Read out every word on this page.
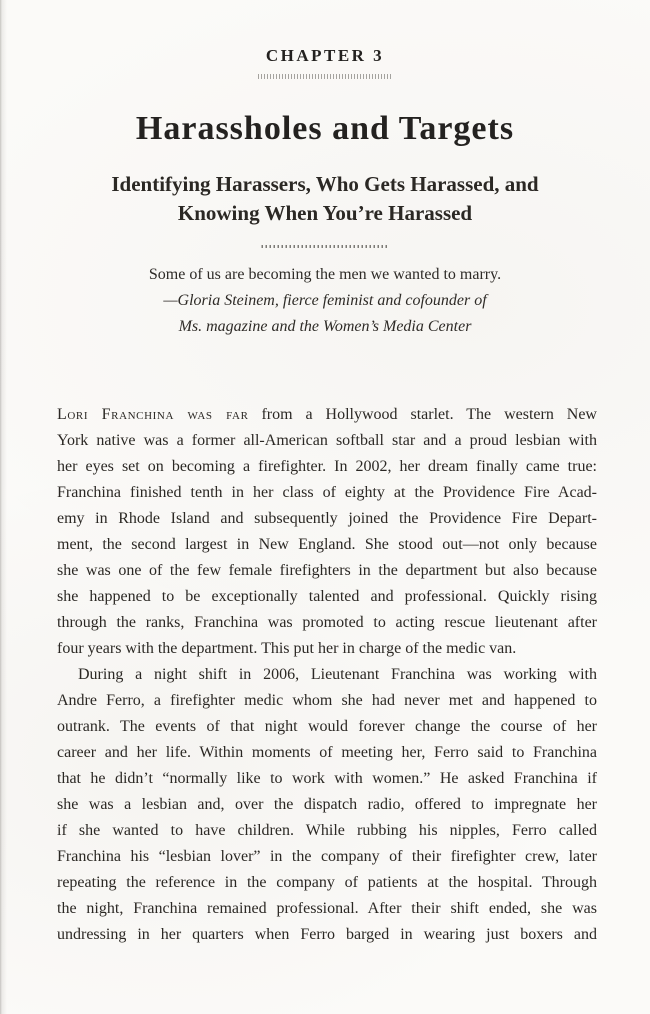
CHAPTER 3
Harassholes and Targets
Identifying Harassers, Who Gets Harassed, and
Knowing When You’re Harassed
Some of us are becoming the men we wanted to marry.
—Gloria Steinem, fierce feminist and cofounder of
Ms. magazine and the Women’s Media Center
Lori Franchina was far from a Hollywood starlet. The western New
York native was a former all-American softball star and a proud lesbian with
her eyes set on becoming a firefighter. In 2002, her dream finally came true:
Franchina finished tenth in her class of eighty at the Providence Fire Acad-
emy in Rhode Island and subsequently joined the Providence Fire Depart-
ment, the second largest in New England. She stood out—not only because
she was one of the few female firefighters in the department but also because
she happened to be exceptionally talented and professional. Quickly rising
through the ranks, Franchina was promoted to acting rescue lieutenant after
four years with the department. This put her in charge of the medic van.
During a night shift in 2006, Lieutenant Franchina was working with
Andre Ferro, a firefighter medic whom she had never met and happened to
outrank. The events of that night would forever change the course of her
career and her life. Within moments of meeting her, Ferro said to Franchina
that he didn’t “normally like to work with women.” He asked Franchina if
she was a lesbian and, over the dispatch radio, offered to impregnate her
if she wanted to have children. While rubbing his nipples, Ferro called
Franchina his “lesbian lover” in the company of their firefighter crew, later
repeating the reference in the company of patients at the hospital. Through
the night, Franchina remained professional. After their shift ended, she was
undressing in her quarters when Ferro barged in wearing just boxers and
